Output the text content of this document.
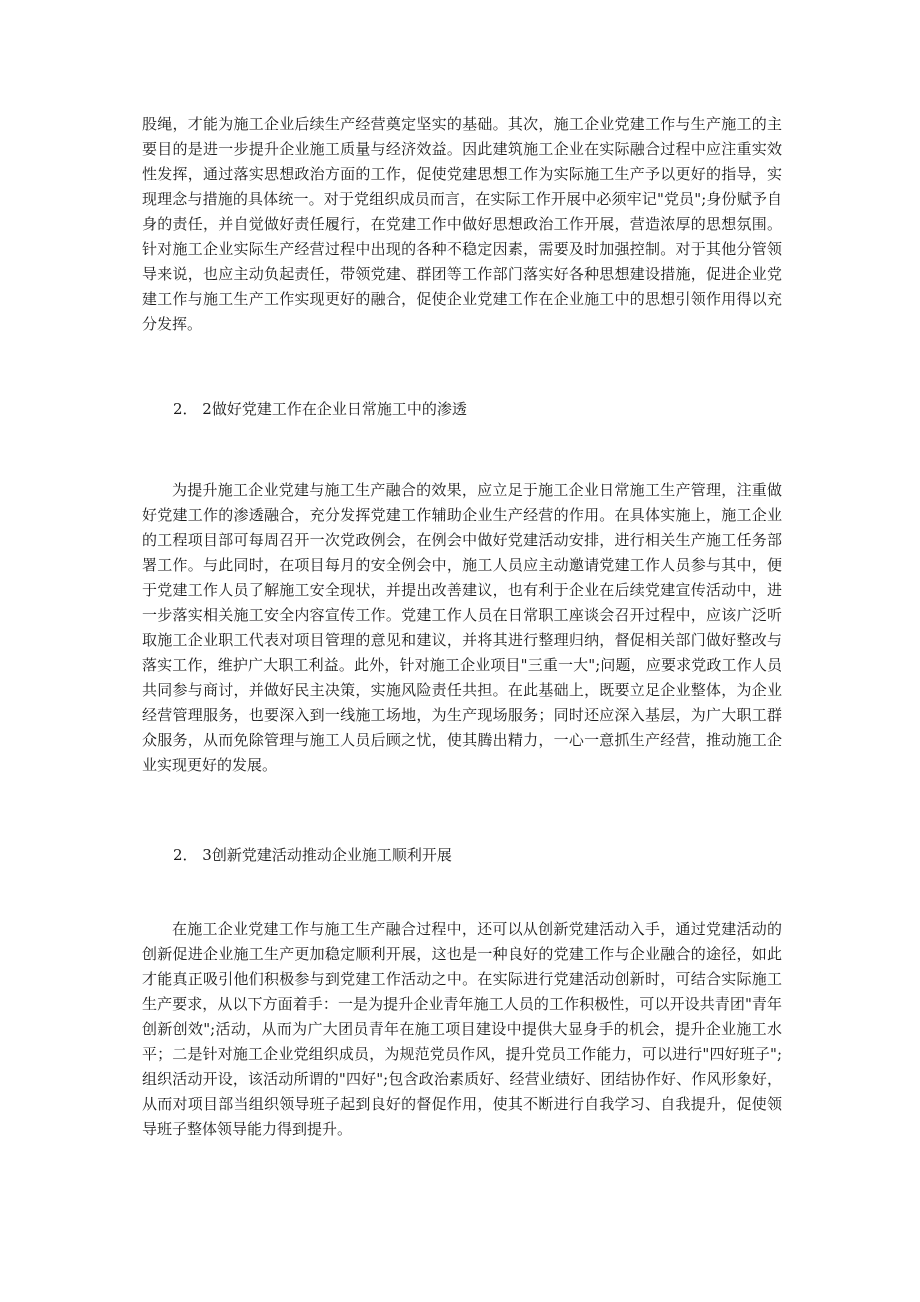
股绳，才能为施工企业后续生产经营奠定坚实的基础。其次，施工企业党建工作与生产施工的主要目的是进一步提升企业施工质量与经济效益。因此建筑施工企业在实际融合过程中应注重实效性发挥，通过落实思想政治方面的工作，促使党建思想工作为实际施工生产予以更好的指导，实现理念与措施的具体统一。对于党组织成员而言，在实际工作开展中必须牢记"党员";身份赋予自身的责任，并自觉做好责任履行，在党建工作中做好思想政治工作开展，营造浓厚的思想氛围。针对施工企业实际生产经营过程中出现的各种不稳定因素，需要及时加强控制。对于其他分管领导来说，也应主动负起责任，带领党建、群团等工作部门落实好各种思想建设措施，促进企业党建工作与施工生产工作实现更好的融合，促使企业党建工作在企业施工中的思想引领作用得以充分发挥。

2． 2做好党建工作在企业日常施工中的渗透

为提升施工企业党建与施工生产融合的效果，应立足于施工企业日常施工生产管理，注重做好党建工作的渗透融合，充分发挥党建工作辅助企业生产经营的作用。在具体实施上，施工企业的工程项目部可每周召开一次党政例会，在例会中做好党建活动安排，进行相关生产施工任务部署工作。与此同时，在项目每月的安全例会中，施工人员应主动邀请党建工作人员参与其中，便于党建工作人员了解施工安全现状，并提出改善建议，也有利于企业在后续党建宣传活动中，进一步落实相关施工安全内容宣传工作。党建工作人员在日常职工座谈会召开过程中，应该广泛听取施工企业职工代表对项目管理的意见和建议，并将其进行整理归纳，督促相关部门做好整改与落实工作，维护广大职工利益。此外，针对施工企业项目"三重一大";问题，应要求党政工作人员共同参与商讨，并做好民主决策，实施风险责任共担。在此基础上，既要立足企业整体，为企业经营管理服务，也要深入到一线施工场地，为生产现场服务；同时还应深入基层，为广大职工群众服务，从而免除管理与施工人员后顾之忧，使其腾出精力，一心一意抓生产经营，推动施工企业实现更好的发展。

2． 3创新党建活动推动企业施工顺利开展

在施工企业党建工作与施工生产融合过程中，还可以从创新党建活动入手，通过党建活动的创新促进企业施工生产更加稳定顺利开展，这也是一种良好的党建工作与企业融合的途径，如此才能真正吸引他们积极参与到党建工作活动之中。在实际进行党建活动创新时，可结合实际施工生产要求，从以下方面着手：一是为提升企业青年施工人员的工作积极性，可以开设共青团"青年创新创效";活动，从而为广大团员青年在施工项目建设中提供大显身手的机会，提升企业施工水平；二是针对施工企业党组织成员，为规范党员作风，提升党员工作能力，可以进行"四好班子";组织活动开设，该活动所谓的"四好";包含政治素质好、经营业绩好、团结协作好、作风形象好，从而对项目部当组织领导班子起到良好的督促作用，使其不断进行自我学习、自我提升，促使领导班子整体领导能力得到提升。
